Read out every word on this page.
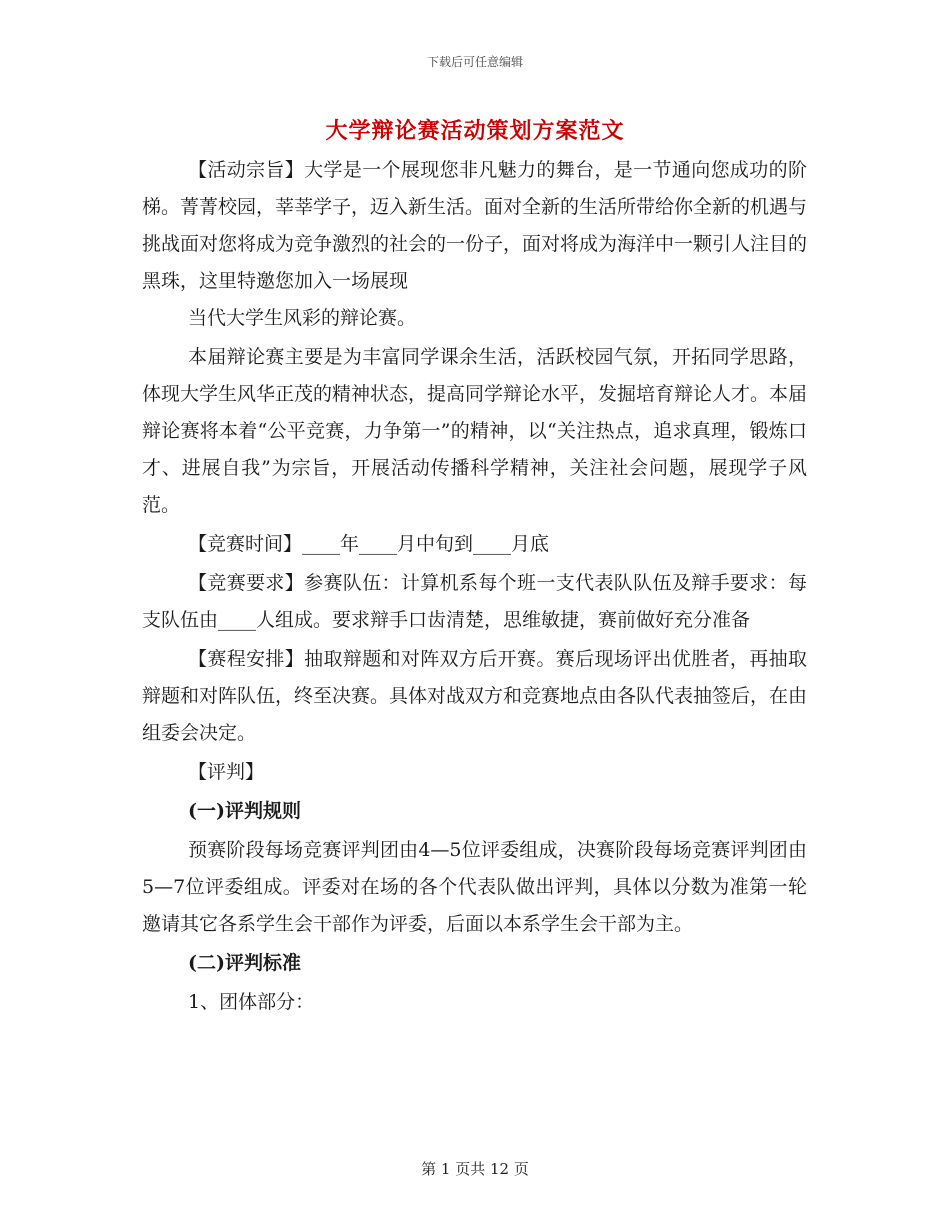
下载后可任意编辑
大学辩论赛活动策划方案范文

【活动宗旨】大学是一个展现您非凡魅力的舞台，是一节通向您成功的阶梯。菁菁校园，莘莘学子，迈入新生活。面对全新的生活所带给你全新的机遇与挑战面对您将成为竞争激烈的社会的一份子，面对将成为海洋中一颗引人注目的黑珠，这里特邀您加入一场展现

当代大学生风彩的辩论赛。

本届辩论赛主要是为丰富同学课余生活，活跃校园气氛，开拓同学思路，体现大学生风华正茂的精神状态，提高同学辩论水平，发掘培育辩论人才。本届辩论赛将本着“公平竞赛，力争第一”的精神，以“关注热点，追求真理，锻炼口才、进展自我”为宗旨，开展活动传播科学精神，关注社会问题，展现学子风范。

【竞赛时间】____年____月中旬到____月底

【竞赛要求】参赛队伍：计算机系每个班一支代表队队伍及辩手要求：每支队伍由____人组成。要求辩手口齿清楚，思维敏捷，赛前做好充分准备

【赛程安排】抽取辩题和对阵双方后开赛。赛后现场评出优胜者，再抽取辩题和对阵队伍，终至决赛。具体对战双方和竞赛地点由各队代表抽签后，在由组委会决定。

【评判】

(一)评判规则

预赛阶段每场竞赛评判团由4—5位评委组成，决赛阶段每场竞赛评判团由5—7位评委组成。评委对在场的各个代表队做出评判，具体以分数为准第一轮邀请其它各系学生会干部作为评委，后面以本系学生会干部为主。

(二)评判标准

1、团体部分：

第 1 页共 12 页
